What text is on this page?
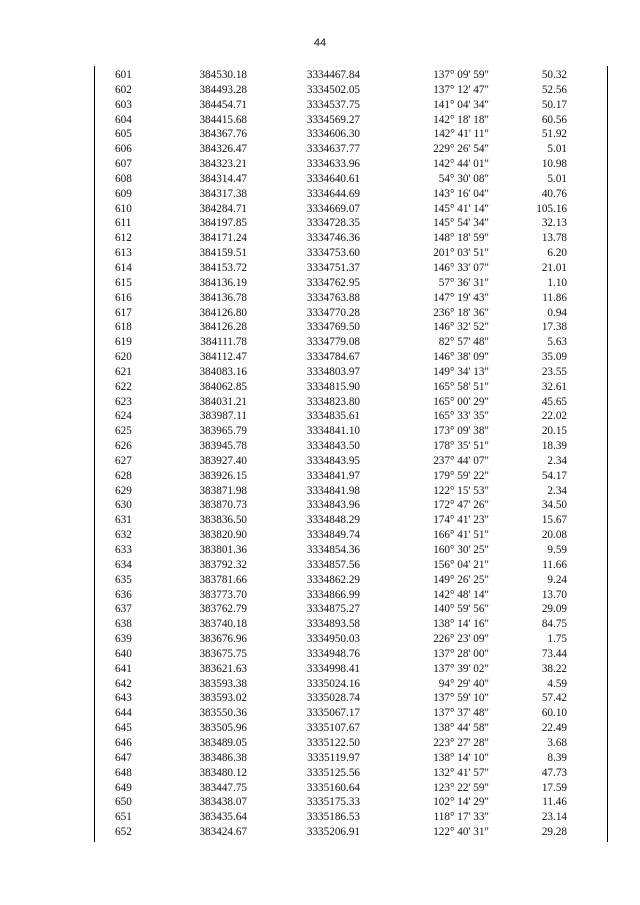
44
601	384530.18	3334467.84	137° 09' 59"	50.32
602	384493.28	3334502.05	137° 12' 47"	52.56
603	384454.71	3334537.75	141° 04' 34"	50.17
604	384415.68	3334569.27	142° 18' 18"	60.56
605	384367.76	3334606.30	142° 41' 11"	51.92
606	384326.47	3334637.77	229° 26' 54"	5.01
607	384323.21	3334633.96	142° 44' 01"	10.98
608	384314.47	3334640.61	54° 30' 08"	5.01
609	384317.38	3334644.69	143° 16' 04"	40.76
610	384284.71	3334669.07	145° 41' 14"	105.16
611	384197.85	3334728.35	145° 54' 34"	32.13
612	384171.24	3334746.36	148° 18' 59"	13.78
613	384159.51	3334753.60	201° 03' 51"	6.20
614	384153.72	3334751.37	146° 33' 07"	21.01
615	384136.19	3334762.95	57° 36' 31"	1.10
616	384136.78	3334763.88	147° 19' 43"	11.86
617	384126.80	3334770.28	236° 18' 36"	0.94
618	384126.28	3334769.50	146° 32' 52"	17.38
619	384111.78	3334779.08	82° 57' 48"	5.63
620	384112.47	3334784.67	146° 38' 09"	35.09
621	384083.16	3334803.97	149° 34' 13"	23.55
622	384062.85	3334815.90	165° 58' 51"	32.61
623	384031.21	3334823.80	165° 00' 29"	45.65
624	383987.11	3334835.61	165° 33' 35"	22.02
625	383965.79	3334841.10	173° 09' 38"	20.15
626	383945.78	3334843.50	178° 35' 51"	18.39
627	383927.40	3334843.95	237° 44' 07"	2.34
628	383926.15	3334841.97	179° 59' 22"	54.17
629	383871.98	3334841.98	122° 15' 53"	2.34
630	383870.73	3334843.96	172° 47' 26"	34.50
631	383836.50	3334848.29	174° 41' 23"	15.67
632	383820.90	3334849.74	166° 41' 51"	20.08
633	383801.36	3334854.36	160° 30' 25"	9.59
634	383792.32	3334857.56	156° 04' 21"	11.66
635	383781.66	3334862.29	149° 26' 25"	9.24
636	383773.70	3334866.99	142° 48' 14"	13.70
637	383762.79	3334875.27	140° 59' 56"	29.09
638	383740.18	3334893.58	138° 14' 16"	84.75
639	383676.96	3334950.03	226° 23' 09"	1.75
640	383675.75	3334948.76	137° 28' 00"	73.44
641	383621.63	3334998.41	137° 39' 02"	38.22
642	383593.38	3335024.16	94° 29' 40"	4.59
643	383593.02	3335028.74	137° 59' 10"	57.42
644	383550.36	3335067.17	137° 37' 48"	60.10
645	383505.96	3335107.67	138° 44' 58"	22.49
646	383489.05	3335122.50	223° 27' 28"	3.68
647	383486.38	3335119.97	138° 14' 10"	8.39
648	383480.12	3335125.56	132° 41' 57"	47.73
649	383447.75	3335160.64	123° 22' 59"	17.59
650	383438.07	3335175.33	102° 14' 29"	11.46
651	383435.64	3335186.53	118° 17' 33"	23.14
652	383424.67	3335206.91	122° 40' 31"	29.28
